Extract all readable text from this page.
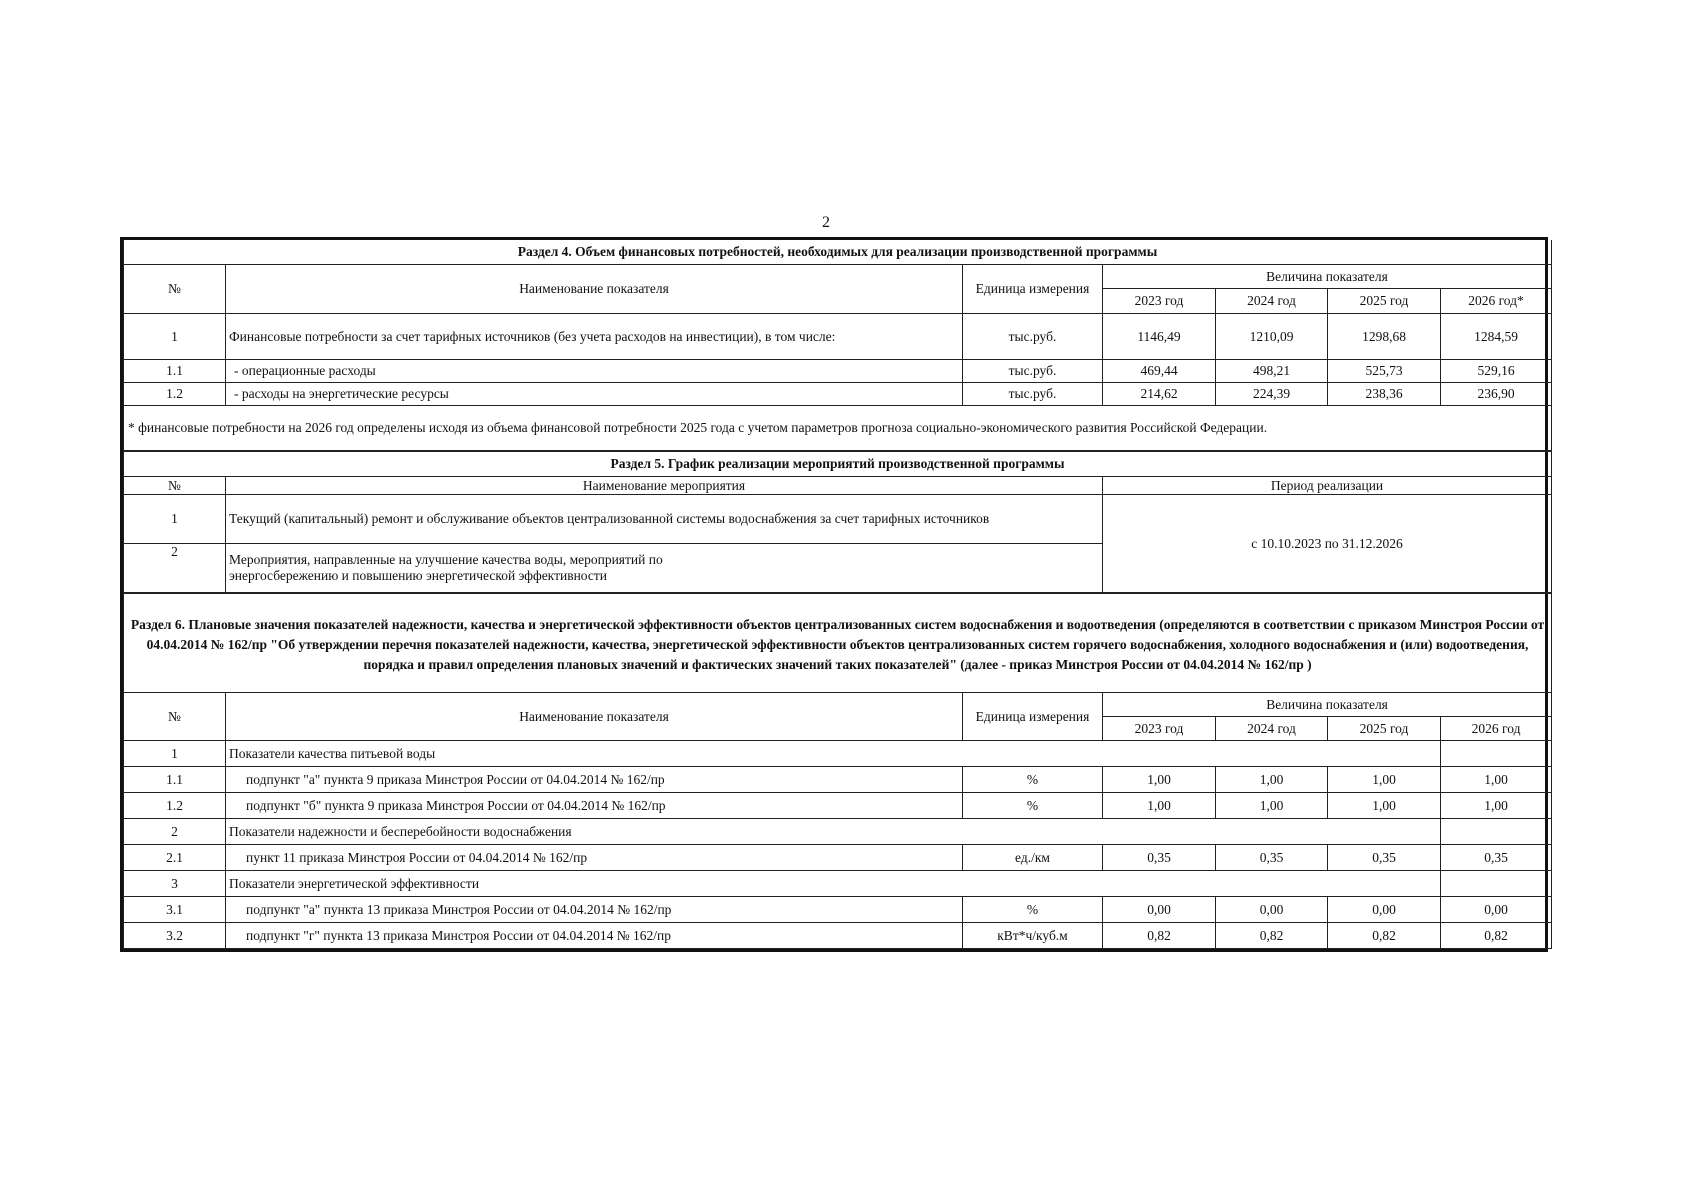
2
Раздел 4. Объем финансовых потребностей, необходимых для реализации производственной программы						
№	Наименование показателя	Единица измерения	Величина показателя			
			2023 год	2024 год	2025 год	2026 год*
1	Финансовые потребности за счет тарифных источников (без учета расходов на инвестиции), в том числе:	тыс.руб.	1146,49	1210,09	1298,68	1284,59
1.1	- операционные расходы	тыс.руб.	469,44	498,21	525,73	529,16
1.2	- расходы на энергетические ресурсы	тыс.руб.	214,62	224,39	238,36	236,90
* финансовые потребности на 2026 год определены исходя из объема финансовой потребности 2025 года с учетом параметров прогноза социально-экономического развития Российской Федерации.						
Раздел 5. График реализации мероприятий производственной программы		
№	Наименование мероприятия	Период реализации
1	Текущий (капитальный) ремонт и обслуживание объектов централизованной системы водоснабжения за счет тарифных источников	с 10.10.2023 по 31.12.2026
2	Мероприятия, направленные на улучшение качества воды, мероприятий по энергосбережению и повышению энергетической эффективности	
Раздел 6. Плановые значения показателей надежности, качества и энергетической эффективности объектов централизованных систем водоснабжения и водоотведения (определяются в соответствии с приказом Минстроя России от 04.04.2014 № 162/пр "Об утверждении перечня показателей надежности, качества, энергетической эффективности объектов централизованных систем горячего водоснабжения, холодного водоснабжения и (или) водоотведения, порядка и правил определения плановых значений и фактических значений таких показателей" (далее - приказ Минстроя России от 04.04.2014 № 162/пр )						
№	Наименование показателя	Единица измерения	Величина показателя			
			2023 год	2024 год	2025 год	2026 год
1	Показатели качества питьевой воды					
1.1	подпункт "а" пункта 9 приказа Минстроя России от 04.04.2014 № 162/пр	%	1,00	1,00	1,00	1,00
1.2	подпункт "б" пункта 9 приказа Минстроя России от 04.04.2014 № 162/пр	%	1,00	1,00	1,00	1,00
2	Показатели надежности и бесперебойности водоснабжения					
2.1	пункт 11 приказа Минстроя России от 04.04.2014 № 162/пр	ед./км	0,35	0,35	0,35	0,35
3	Показатели энергетической эффективности					
3.1	подпункт "а" пункта 13 приказа Минстроя России от 04.04.2014 № 162/пр	%	0,00	0,00	0,00	0,00
3.2	подпункт "г" пункта 13 приказа Минстроя России от 04.04.2014 № 162/пр	кВт*ч/куб.м	0,82	0,82	0,82	0,82
